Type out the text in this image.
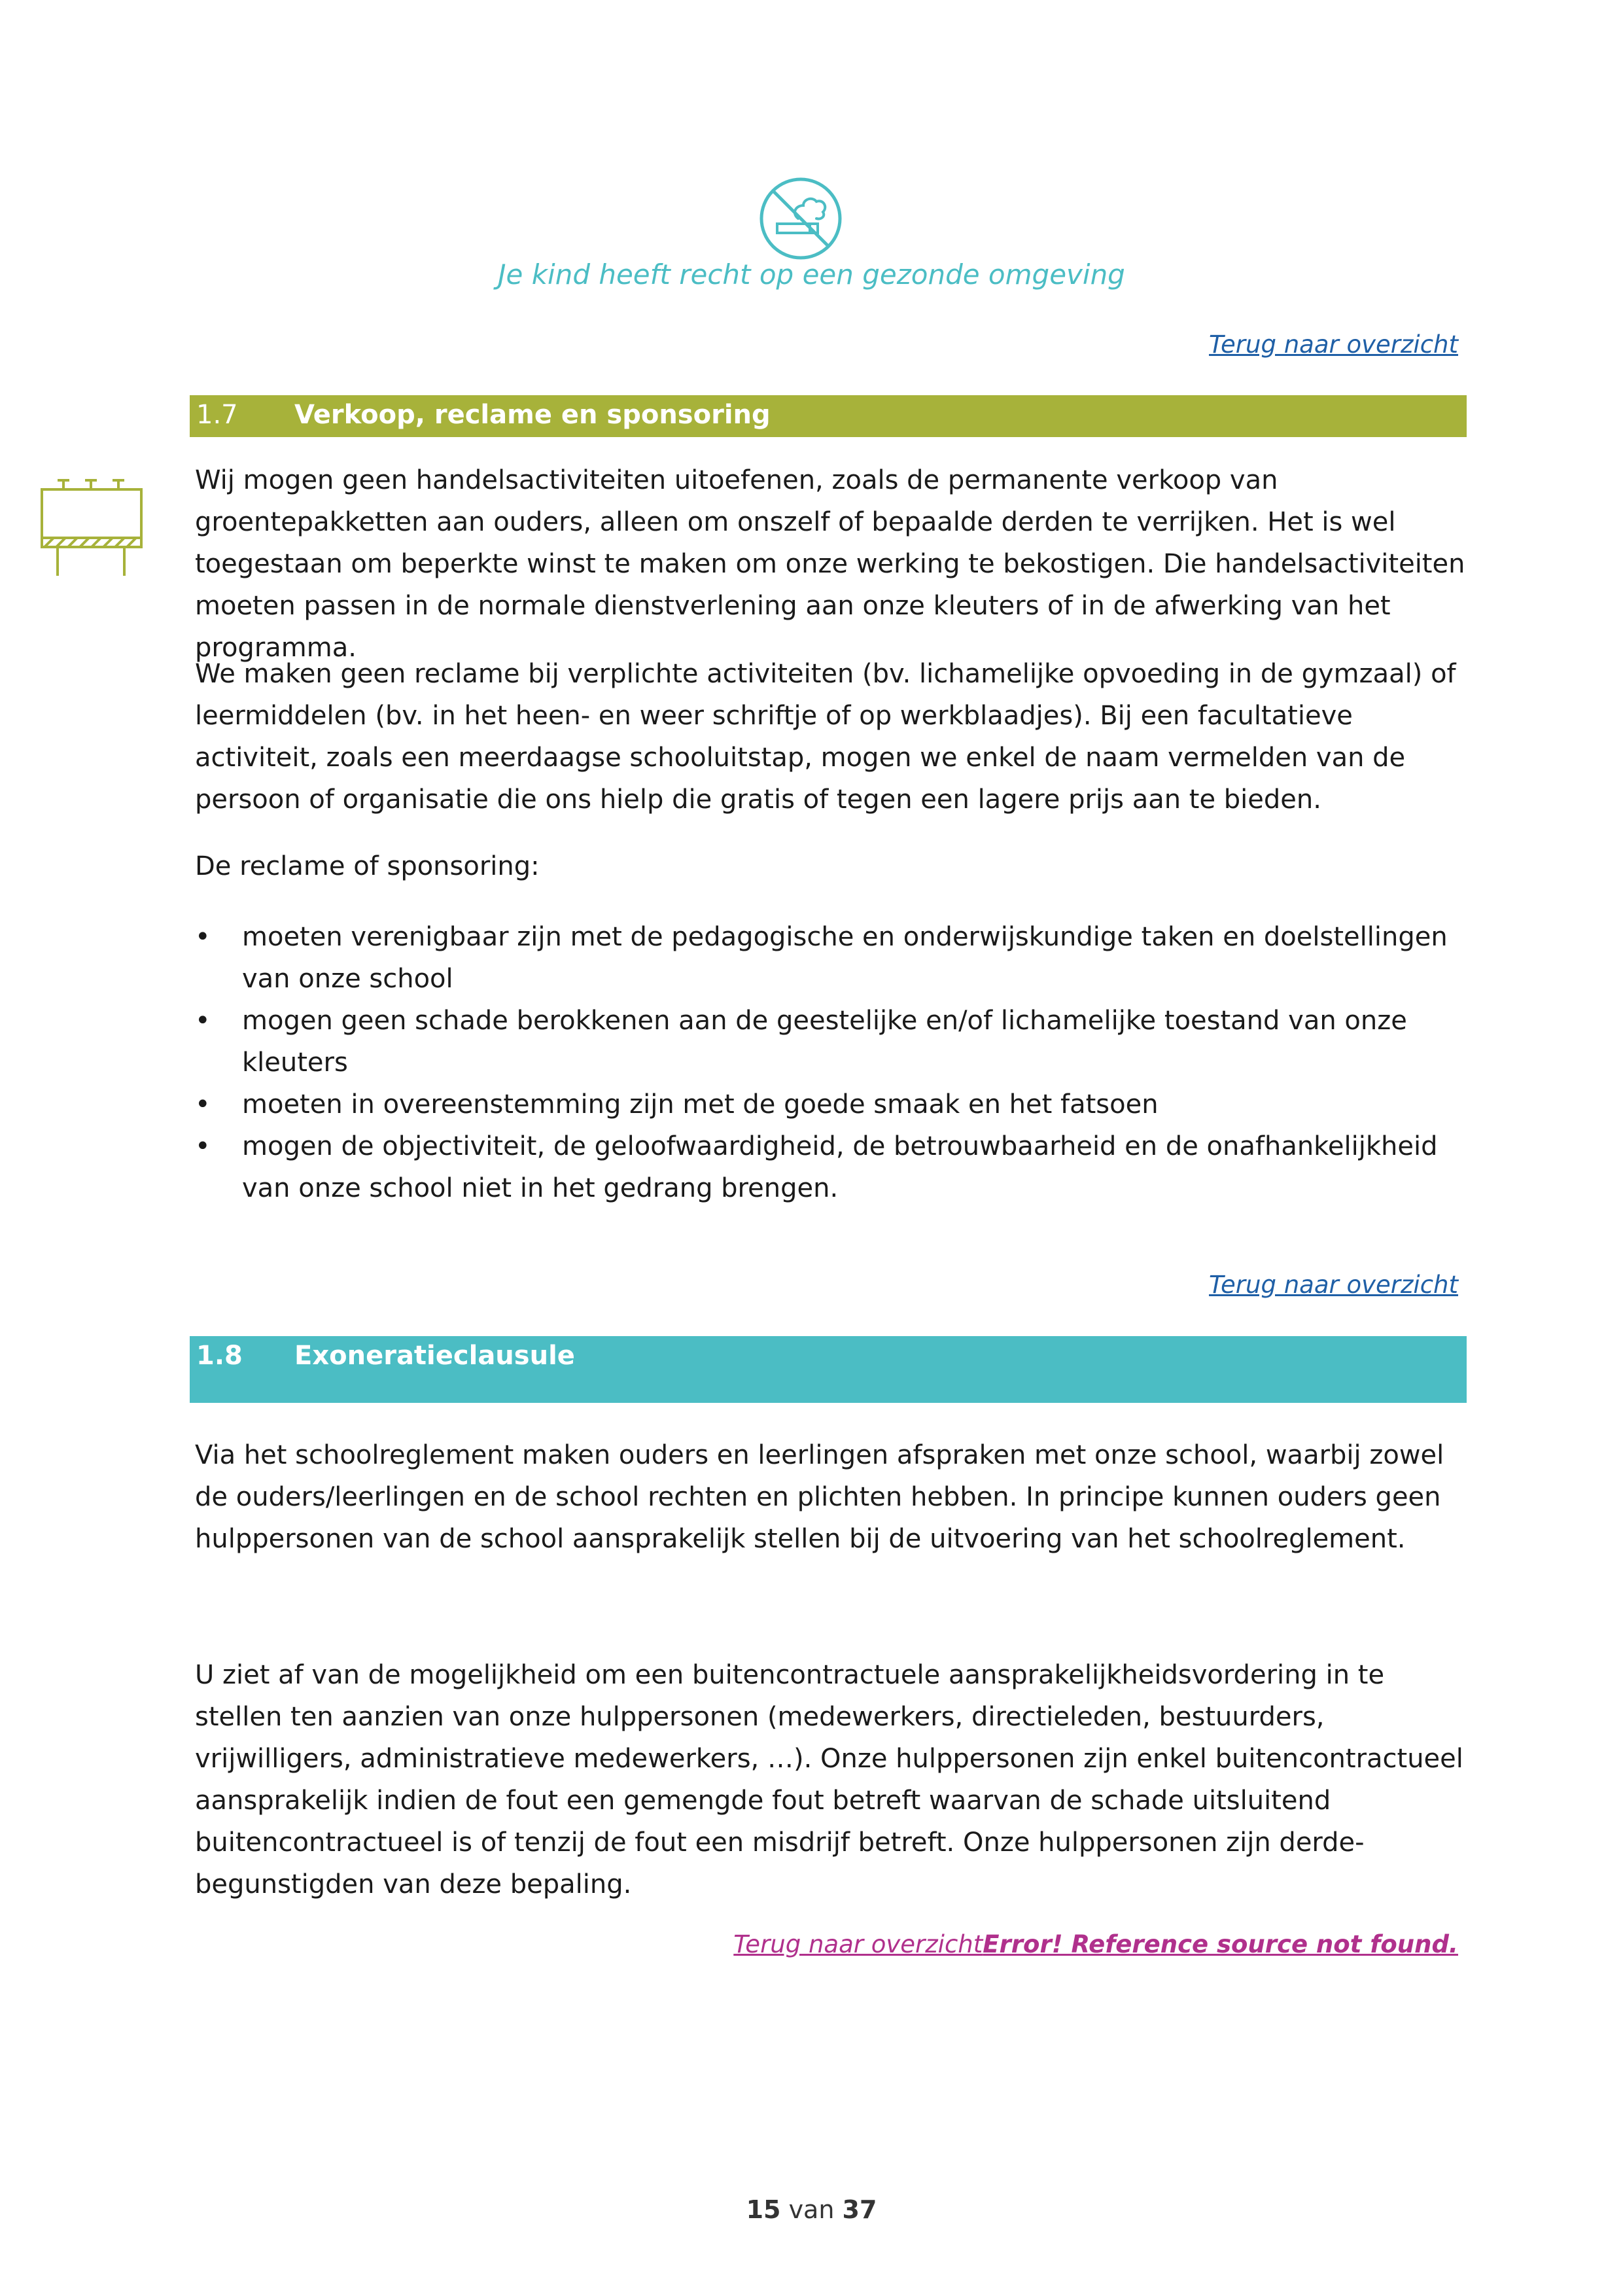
Je kind heeft recht op een gezonde omgeving
Terug naar overzicht
1.7 Verkoop, reclame en sponsoring

Wij mogen geen handelsactiviteiten uitoefenen, zoals de permanente verkoop van groentepakketten aan ouders, alleen om onszelf of bepaalde derden te verrijken. Het is wel toegestaan om beperkte winst te maken om onze werking te bekostigen. Die handelsactiviteiten moeten passen in de normale dienstverlening aan onze kleuters of in de afwerking van het programma.

We maken geen reclame bij verplichte activiteiten (bv. lichamelijke opvoeding in de gymzaal) of leermiddelen (bv. in het heen- en weer schriftje of op werkblaadjes). Bij een facultatieve activiteit, zoals een meerdaagse schooluitstap, mogen we enkel de naam vermelden van de persoon of organisatie die ons hielp die gratis of tegen een lagere prijs aan te bieden.

De reclame of sponsoring:

• moeten verenigbaar zijn met de pedagogische en onderwijskundige taken en doelstellingen van onze school
• mogen geen schade berokkenen aan de geestelijke en/of lichamelijke toestand van onze kleuters
• moeten in overeenstemming zijn met de goede smaak en het fatsoen
• mogen de objectiviteit, de geloofwaardigheid, de betrouwbaarheid en de onafhankelijkheid van onze school niet in het gedrang brengen.
Terug naar overzicht
1.8 Exoneratieclausule

Via het schoolreglement maken ouders en leerlingen afspraken met onze school, waarbij zowel de ouders/leerlingen en de school rechten en plichten hebben. In principe kunnen ouders geen hulppersonen van de school aansprakelijk stellen bij de uitvoering van het schoolreglement.

U ziet af van de mogelijkheid om een buitencontractuele aansprakelijkheidsvordering in te stellen ten aanzien van onze hulppersonen (medewerkers, directieleden, bestuurders, vrijwilligers, administratieve medewerkers, …). Onze hulppersonen zijn enkel buitencontractueel aansprakelijk indien de fout een gemengde fout betreft waarvan de schade uitsluitend buitencontractueel is of tenzij de fout een misdrijf betreft. Onze hulppersonen zijn derde-begunstigden van deze bepaling.

Terug naar overzichtError! Reference source not found.
15 van 37
